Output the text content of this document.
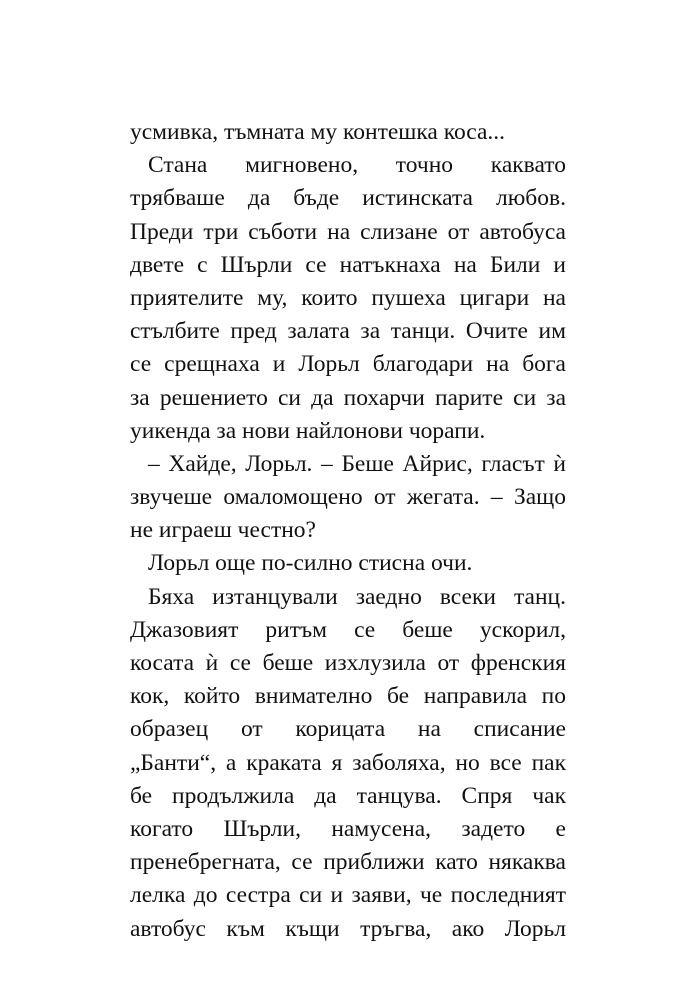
усмивка, тъмната му контешка коса...
Стана мигновено, точно каквато
трябваше да бъде истинската любов.
Преди три съботи на слизане от автобуса
двете с Шърли се натъкнаха на Били и
приятелите му, които пушеха цигари на
стълбите пред залата за танци. Очите им
се срещнаха и Лорьл благодари на бога
за решението си да похарчи парите си за
уикенда за нови найлонови чорапи.
– Хайде, Лорьл. – Беше Айрис, гласът ѝ
звучеше омаломощено от жегата. – Защо
не играеш честно?
Лорьл още по-силно стисна очи.
Бяха изтанцували заедно всеки танц.
Джазовият ритъм се беше ускорил,
косата ѝ се беше изхлузила от френския
кок, който внимателно бе направила по
образец от корицата на списание
„Банти“, а краката я заболяха, но все пак
бе продължила да танцува. Спря чак
когато Шърли, намусена, задето е
пренебрегната, се приближи като някаква
лелка до сестра си и заяви, че последният
автобус към къщи тръгва, ако Лорьл
